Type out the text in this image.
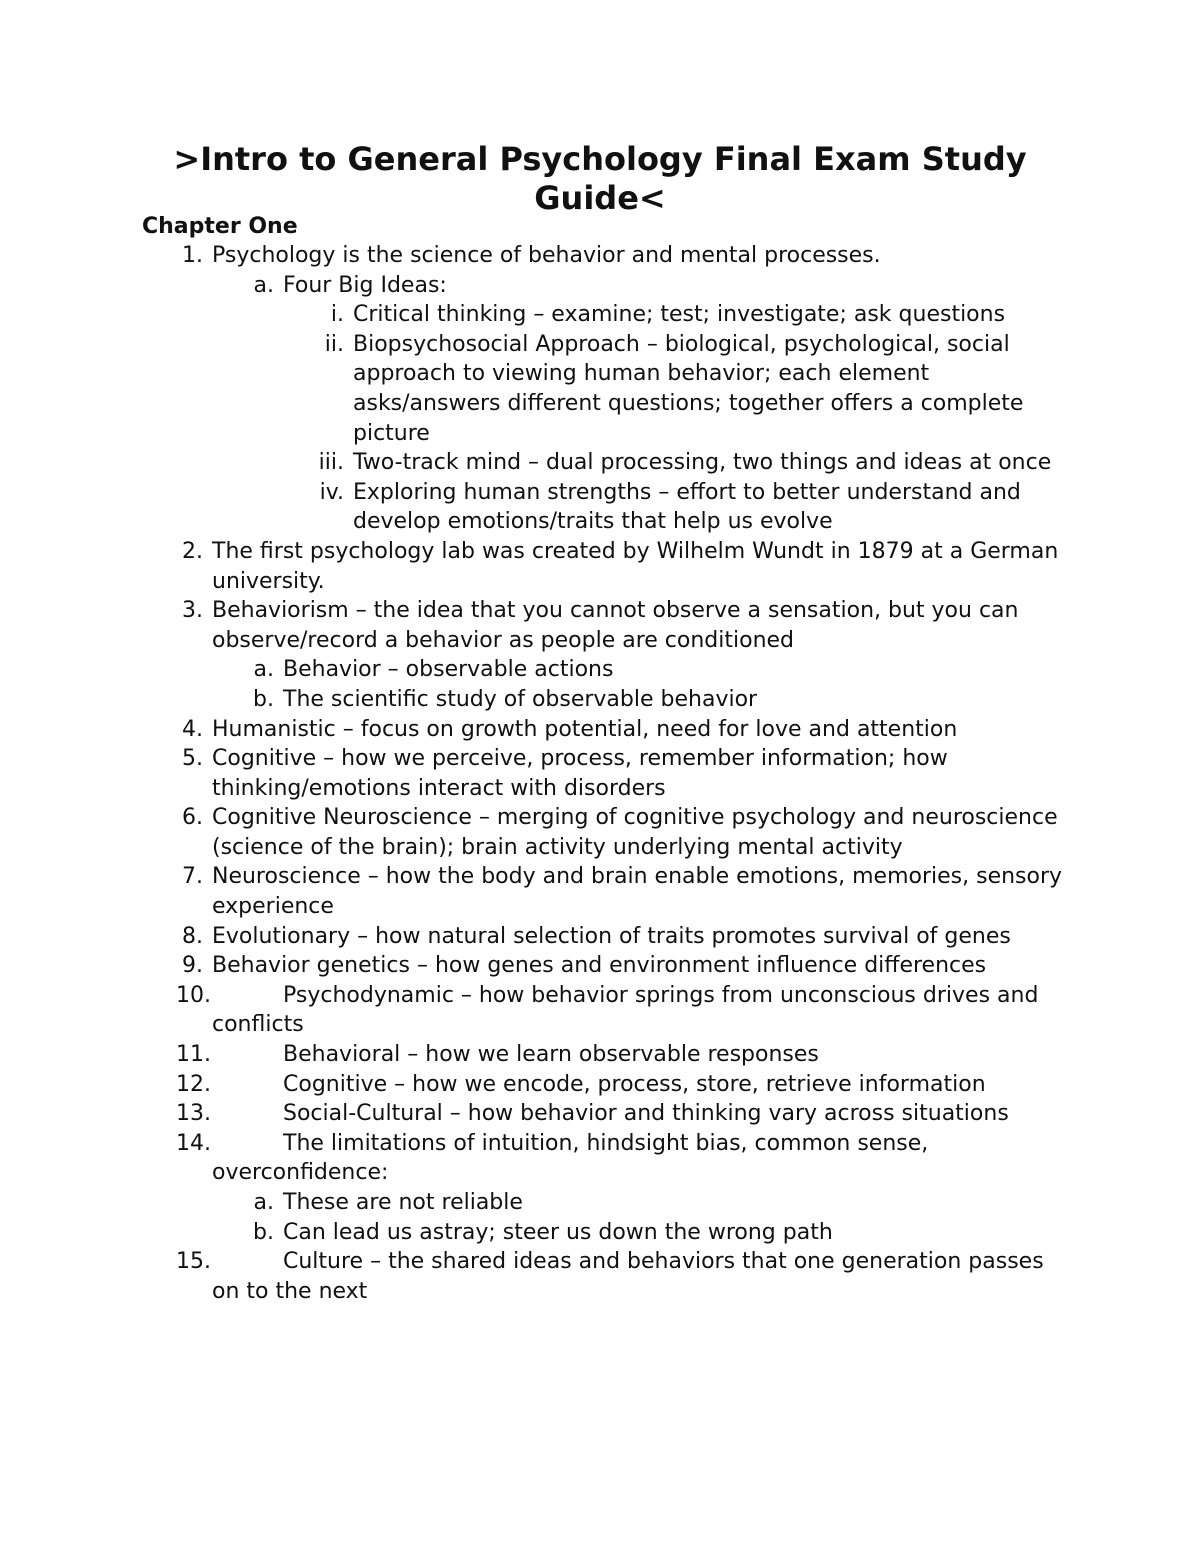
>Intro to General Psychology Final Exam Study Guide<
Chapter One
1. Psychology is the science of behavior and mental processes.
a. Four Big Ideas:
i. Critical thinking – examine; test; investigate; ask questions
ii. Biopsychosocial Approach – biological, psychological, social approach to viewing human behavior; each element asks/answers different questions; together offers a complete picture
iii. Two-track mind – dual processing, two things and ideas at once
iv. Exploring human strengths – effort to better understand and develop emotions/traits that help us evolve
2. The first psychology lab was created by Wilhelm Wundt in 1879 at a German university.
3. Behaviorism – the idea that you cannot observe a sensation, but you can observe/record a behavior as people are conditioned
a. Behavior – observable actions
b. The scientific study of observable behavior
4. Humanistic – focus on growth potential, need for love and attention
5. Cognitive – how we perceive, process, remember information; how thinking/emotions interact with disorders
6. Cognitive Neuroscience – merging of cognitive psychology and neuroscience (science of the brain); brain activity underlying mental activity
7. Neuroscience – how the body and brain enable emotions, memories, sensory experience
8. Evolutionary – how natural selection of traits promotes survival of genes
9. Behavior genetics – how genes and environment influence differences
10.	Psychodynamic – how behavior springs from unconscious drives and conflicts
11.	Behavioral – how we learn observable responses
12.	Cognitive – how we encode, process, store, retrieve information
13.	Social-Cultural – how behavior and thinking vary across situations
14.	The limitations of intuition, hindsight bias, common sense, overconfidence:
a. These are not reliable
b. Can lead us astray; steer us down the wrong path
15.	Culture – the shared ideas and behaviors that one generation passes on to the next
